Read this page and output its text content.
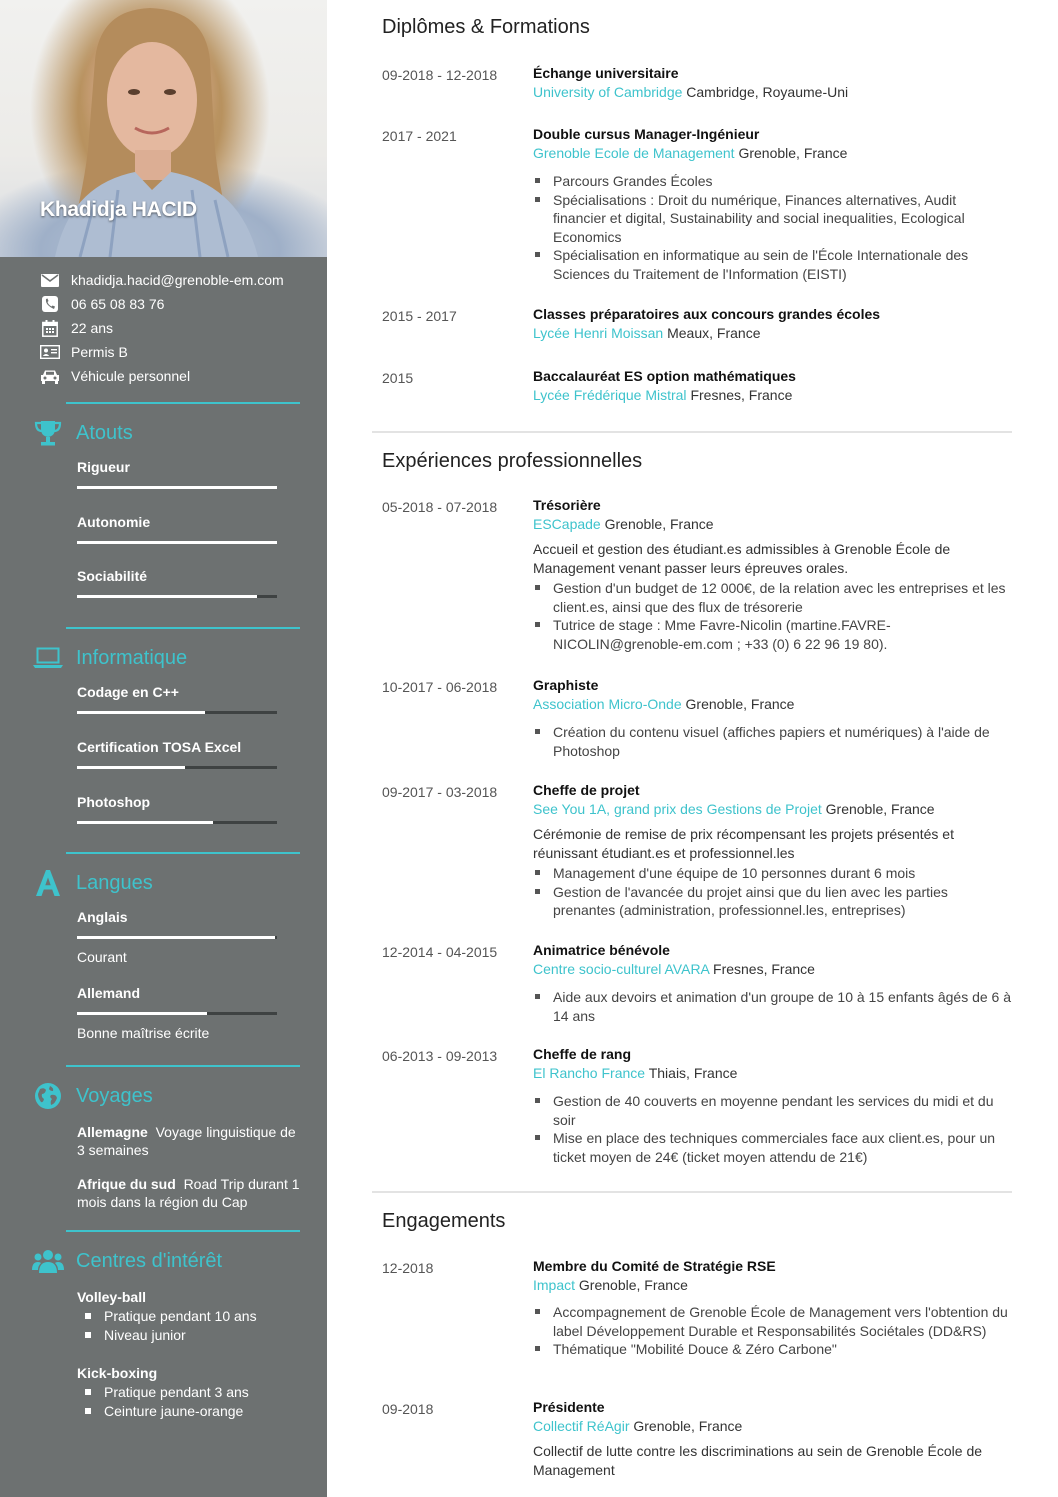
Khadidja HACID
khadidja.hacid@grenoble-em.com
06 65 08 83 76
22 ans
Permis B
Véhicule personnel
Atouts
Rigueur
Autonomie
Sociabilité
Informatique
Codage en C++
Certification TOSA Excel
Photoshop
Langues
Anglais
Courant
Allemand
Bonne maîtrise écrite
Voyages
Allemagne Voyage linguistique de 3 semaines
Afrique du sud Road Trip durant 1 mois dans la région du Cap
Centres d'intérêt
Volley-ball
Pratique pendant 10 ans
Niveau junior
Kick-boxing
Pratique pendant 3 ans
Ceinture jaune-orange
Diplômes & Formations
09-2018 - 12-2018	Échange universitaire
University of Cambridge Cambridge, Royaume-Uni
2017 - 2021	Double cursus Manager-Ingénieur
Grenoble Ecole de Management Grenoble, France
Parcours Grandes Écoles
Spécialisations : Droit du numérique, Finances alternatives, Audit financier et digital, Sustainability and social inequalities, Ecological Economics
Spécialisation en informatique au sein de l'École Internationale des Sciences du Traitement de l'Information (EISTI)
2015 - 2017	Classes préparatoires aux concours grandes écoles
Lycée Henri Moissan Meaux, France
2015	Baccalauréat ES option mathématiques
Lycée Frédérique Mistral Fresnes, France
Expériences professionnelles
05-2018 - 07-2018	Trésorière
ESCapade Grenoble, France
Accueil et gestion des étudiant.es admissibles à Grenoble École de Management venant passer leurs épreuves orales.
Gestion d'un budget de 12 000€, de la relation avec les entreprises et les client.es, ainsi que des flux de trésorerie
Tutrice de stage : Mme Favre-Nicolin (martine.FAVRE-NICOLIN@grenoble-em.com ; +33 (0) 6 22 96 19 80).
10-2017 - 06-2018	Graphiste
Association Micro-Onde Grenoble, France
Création du contenu visuel (affiches papiers et numériques) à l'aide de Photoshop
09-2017 - 03-2018	Cheffe de projet
See You 1A, grand prix des Gestions de Projet Grenoble, France
Cérémonie de remise de prix récompensant les projets présentés et réunissant étudiant.es et professionnel.les
Management d'une équipe de 10 personnes durant 6 mois
Gestion de l'avancée du projet ainsi que du lien avec les parties prenantes (administration, professionnel.les, entreprises)
12-2014 - 04-2015	Animatrice bénévole
Centre socio-culturel AVARA Fresnes, France
Aide aux devoirs et animation d'un groupe de 10 à 15 enfants âgés de 6 à 14 ans
06-2013 - 09-2013	Cheffe de rang
El Rancho France Thiais, France
Gestion de 40 couverts en moyenne pendant les services du midi et du soir
Mise en place des techniques commerciales face aux client.es, pour un ticket moyen de 24€ (ticket moyen attendu de 21€)
Engagements
12-2018	Membre du Comité de Stratégie RSE
Impact Grenoble, France
Accompagnement de Grenoble École de Management vers l'obtention du label Développement Durable et Responsabilités Sociétales (DD&RS)
Thématique "Mobilité Douce & Zéro Carbone"
09-2018	Présidente
Collectif RéAgir Grenoble, France
Collectif de lutte contre les discriminations au sein de Grenoble École de Management
